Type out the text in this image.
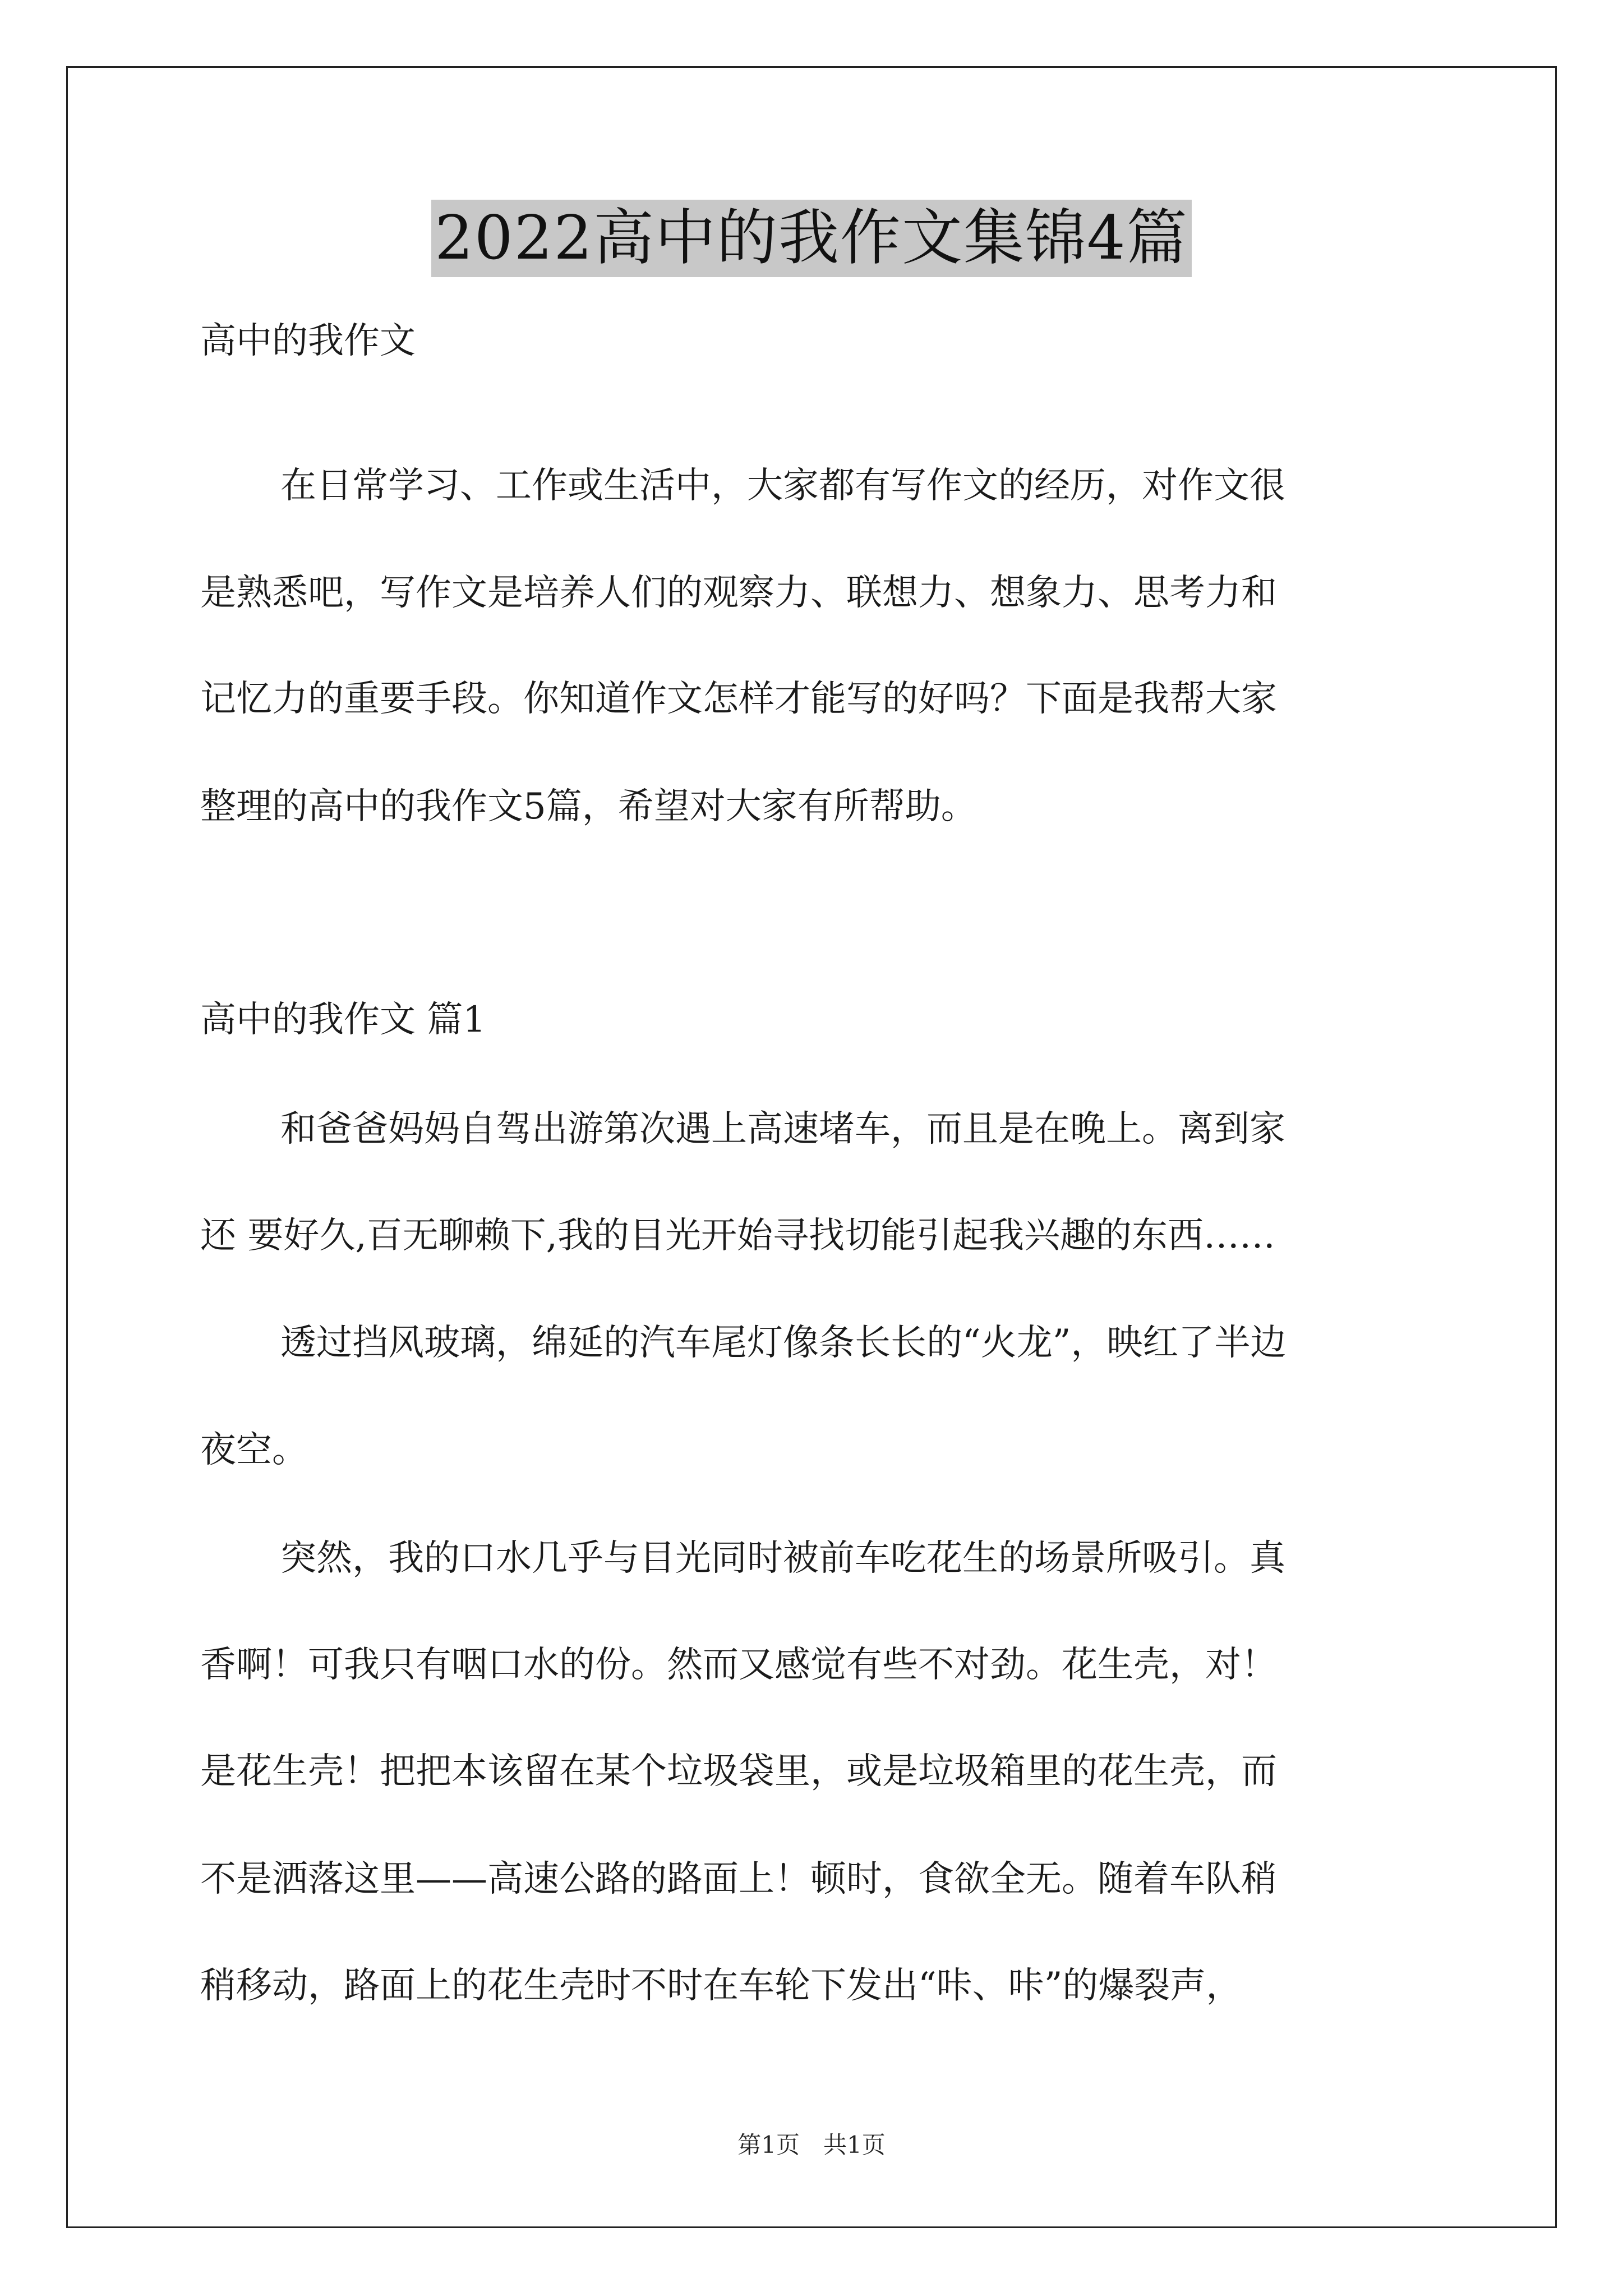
2022高中的我作文集锦4篇
高中的我作文
在日常学习、工作或生活中，大家都有写作文的经历，对作文很
是熟悉吧，写作文是培养人们的观察力、联想力、想象力、思考力和
记忆力的重要手段。你知道作文怎样才能写的好吗？下面是我帮大家
整理的高中的我作文5篇，希望对大家有所帮助。
高中的我作文 篇1
和爸爸妈妈自驾出游第次遇上高速堵车，而且是在晚上。离到家
还 要好久,百无聊赖下,我的目光开始寻找切能引起我兴趣的东西……
透过挡风玻璃，绵延的汽车尾灯像条长长的“火龙”，映红了半边
夜空。
突然，我的口水几乎与目光同时被前车吃花生的场景所吸引。真
香啊！可我只有咽口水的份。然而又感觉有些不对劲。花生壳，对！
是花生壳！把把本该留在某个垃圾袋里，或是垃圾箱里的花生壳，而
不是洒落这里——高速公路的路面上！顿时，食欲全无。随着车队稍
稍移动，路面上的花生壳时不时在车轮下发出“咔、咔”的爆裂声，
第1页　共1页
